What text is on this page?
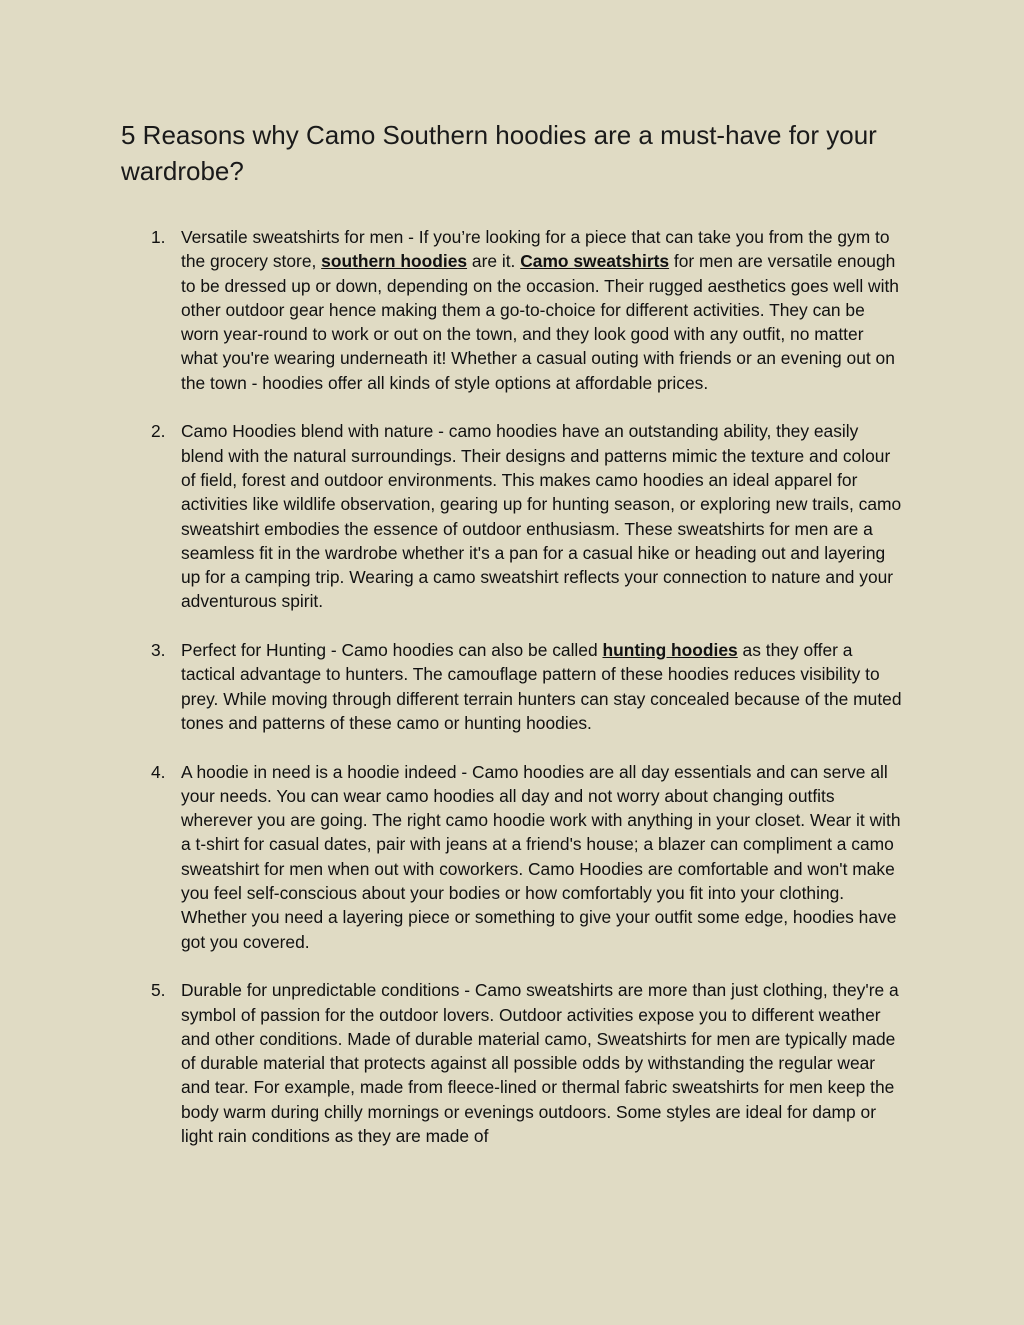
5 Reasons why Camo Southern hoodies are a must-have for your wardrobe?
1. Versatile sweatshirts for men - If you’re looking for a piece that can take you from the gym to the grocery store, southern hoodies are it. Camo sweatshirts for men are versatile enough to be dressed up or down, depending on the occasion. Their rugged aesthetics goes well with other outdoor gear hence making them a go-to-choice for different activities. They can be worn year-round to work or out on the town, and they look good with any outfit, no matter what you're wearing underneath it! Whether a casual outing with friends or an evening out on the town - hoodies offer all kinds of style options at affordable prices.
2. Camo Hoodies blend with nature - camo hoodies have an outstanding ability, they easily blend with the natural surroundings. Their designs and patterns mimic the texture and colour of field, forest and outdoor environments. This makes camo hoodies an ideal apparel for activities like wildlife observation, gearing up for hunting season, or exploring new trails, camo sweatshirt embodies the essence of outdoor enthusiasm. These sweatshirts for men are a seamless fit in the wardrobe whether it's a pan for a casual hike or heading out and layering up for a camping trip. Wearing a camo sweatshirt reflects your connection to nature and your adventurous spirit.
3. Perfect for Hunting - Camo hoodies can also be called hunting hoodies as they offer a tactical advantage to hunters. The camouflage pattern of these hoodies reduces visibility to prey. While moving through different terrain hunters can stay concealed because of the muted tones and patterns of these camo or hunting hoodies.
4. A hoodie in need is a hoodie indeed - Camo hoodies are all day essentials and can serve all your needs. You can wear camo hoodies all day and not worry about changing outfits wherever you are going. The right camo hoodie work with anything in your closet. Wear it with a t-shirt for casual dates, pair with jeans at a friend's house; a blazer can compliment a camo sweatshirt for men when out with coworkers. Camo Hoodies are comfortable and won't make you feel self-conscious about your bodies or how comfortably you fit into your clothing. Whether you need a layering piece or something to give your outfit some edge, hoodies have got you covered.
5. Durable for unpredictable conditions - Camo sweatshirts are more than just clothing, they're a symbol of passion for the outdoor lovers. Outdoor activities expose you to different weather and other conditions. Made of durable material camo, Sweatshirts for men are typically made of durable material that protects against all possible odds by withstanding the regular wear and tear. For example, made from fleece-lined or thermal fabric sweatshirts for men keep the body warm during chilly mornings or evenings outdoors. Some styles are ideal for damp or light rain conditions as they are made of
